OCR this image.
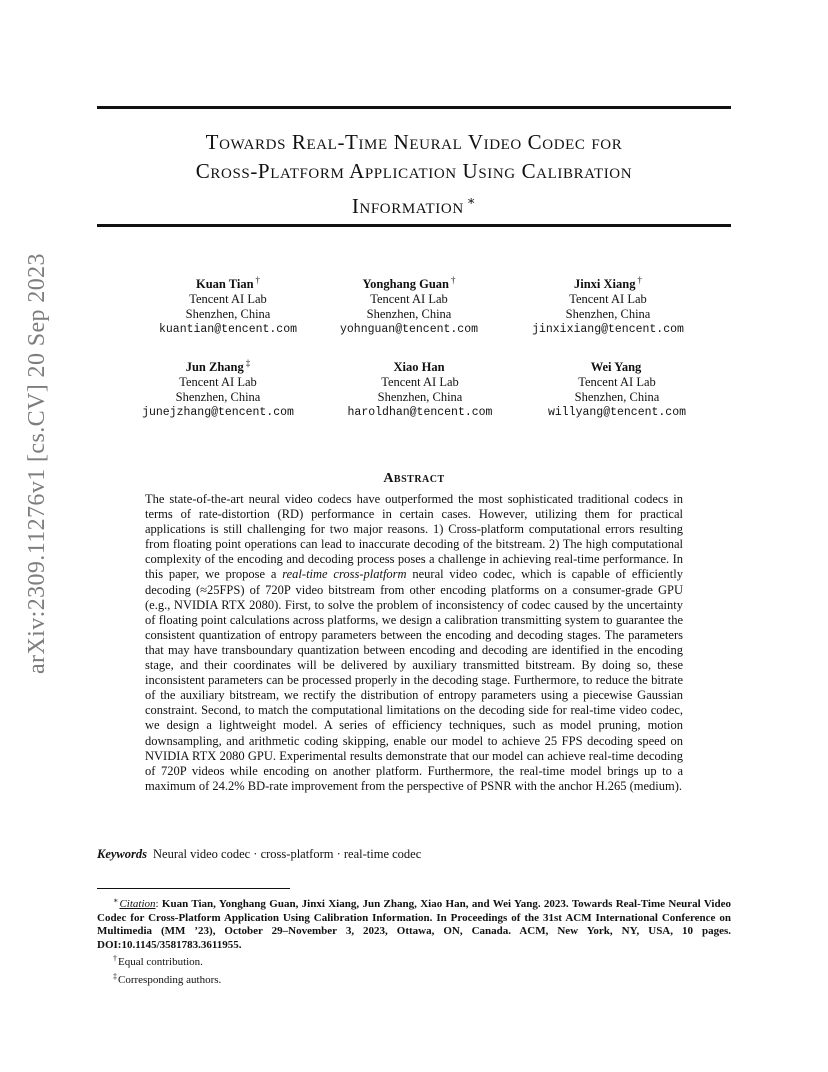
arXiv:2309.11276v1 [cs.CV] 20 Sep 2023
Towards Real-Time Neural Video Codec for
Cross-Platform Application Using Calibration
Information ∗
Kuan Tian †
Tencent AI Lab
Shenzhen, China
kuantian@tencent.com
Yonghang Guan †
Tencent AI Lab
Shenzhen, China
yohnguan@tencent.com
Jinxi Xiang †
Tencent AI Lab
Shenzhen, China
jinxixiang@tencent.com
Jun Zhang ‡
Tencent AI Lab
Shenzhen, China
junejzhang@tencent.com
Xiao Han
Tencent AI Lab
Shenzhen, China
haroldhan@tencent.com
Wei Yang
Tencent AI Lab
Shenzhen, China
willyang@tencent.com
Abstract

The state-of-the-art neural video codecs have outperformed the most sophisticated traditional codecs in terms of rate-distortion (RD) performance in certain cases. However, utilizing them for practical applications is still challenging for two major reasons. 1) Cross-platform computational errors resulting from floating point operations can lead to inaccurate decoding of the bitstream. 2) The high computational complexity of the encoding and decoding process poses a challenge in achieving real-time performance. In this paper, we propose a real-time cross-platform neural video codec, which is capable of efficiently decoding (≈25FPS) of 720P video bitstream from other encoding platforms on a consumer-grade GPU (e.g., NVIDIA RTX 2080). First, to solve the problem of inconsistency of codec caused by the uncertainty of floating point calculations across platforms, we design a calibration transmitting system to guarantee the consistent quantization of entropy parameters between the encoding and decoding stages. The parameters that may have transboundary quantization between encoding and decoding are identified in the encoding stage, and their coordinates will be delivered by auxiliary transmitted bitstream. By doing so, these inconsistent parameters can be processed properly in the decoding stage. Furthermore, to reduce the bitrate of the auxiliary bitstream, we rectify the distribution of entropy parameters using a piecewise Gaussian constraint. Second, to match the computational limitations on the decoding side for real-time video codec, we design a lightweight model. A series of efficiency techniques, such as model pruning, motion downsampling, and arithmetic coding skipping, enable our model to achieve 25 FPS decoding speed on NVIDIA RTX 2080 GPU. Experimental results demonstrate that our model can achieve real-time decoding of 720P videos while encoding on another platform. Furthermore, the real-time model brings up to a maximum of 24.2% BD-rate improvement from the perspective of PSNR with the anchor H.265 (medium).

Keywords Neural video codec · cross-platform · real-time codec

∗Citation: Kuan Tian, Yonghang Guan, Jinxi Xiang, Jun Zhang, Xiao Han, and Wei Yang. 2023. Towards Real-Time Neural Video Codec for Cross-Platform Application Using Calibration Information. In Proceedings of the 31st ACM International Conference on Multimedia (MM ’23), October 29–November 3, 2023, Ottawa, ON, Canada. ACM, New York, NY, USA, 10 pages. DOI:10.1145/3581783.3611955.

†Equal contribution.

‡Corresponding authors.
